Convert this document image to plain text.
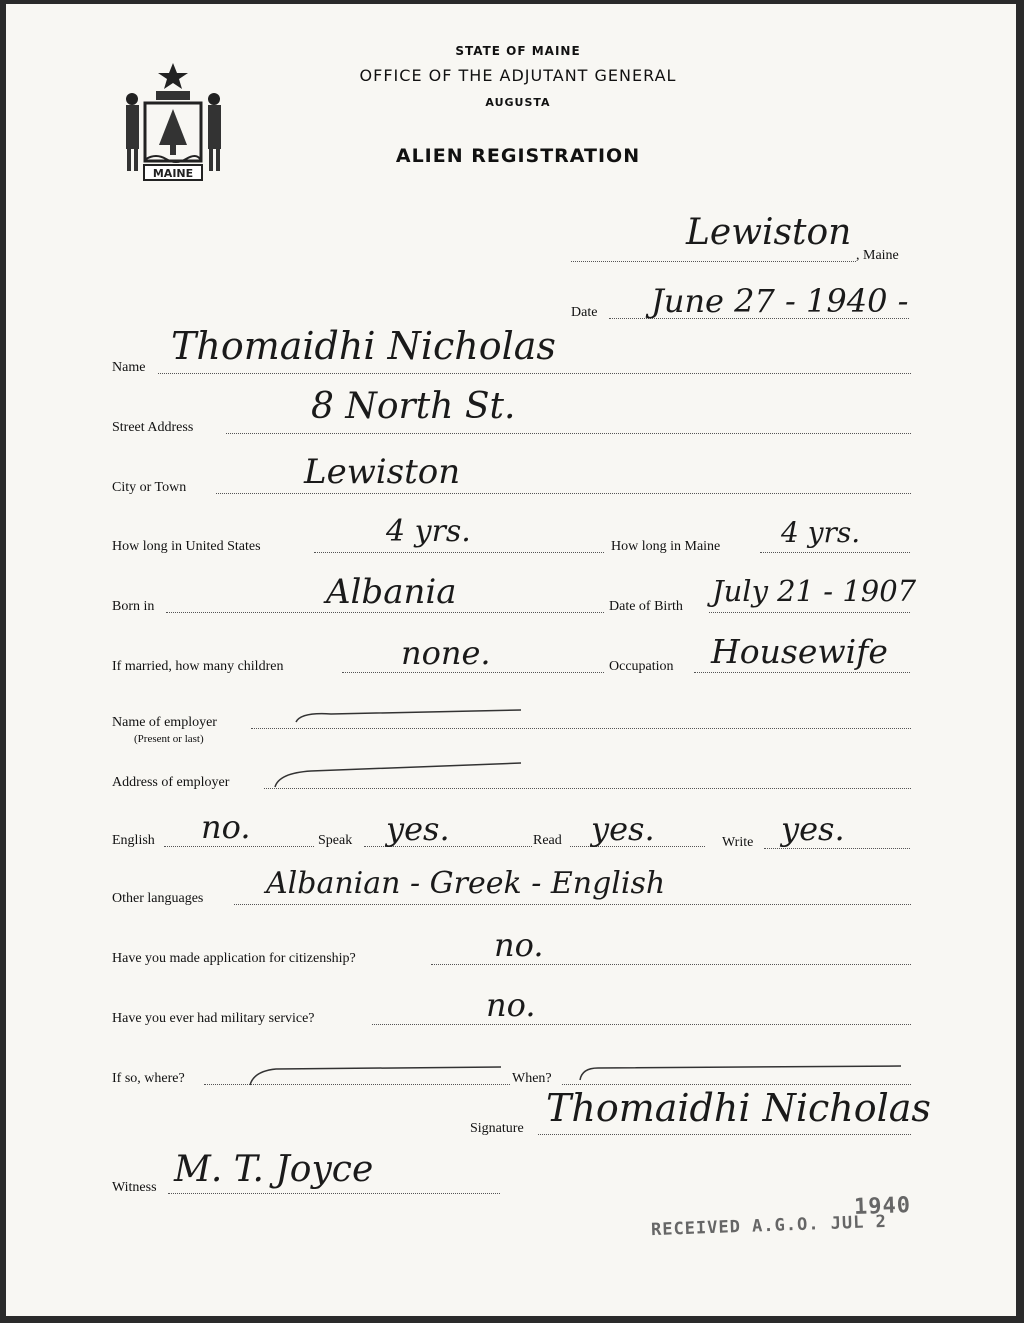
MAINE
STATE OF MAINE
OFFICE OF THE ADJUTANT GENERAL
AUGUSTA
ALIEN REGISTRATION
, Maine
Lewiston
Date June 27 - 1940 -
Name Thomaidhi Nicholas
Street Address
8 North St.
City or Town	Lewiston
How long in United States	4 yrs.	How long in Maine 4 yrs.
Born in	Albania	Date of Birth July 21 - 1907
If married, how many children	none.	Occupation Housewife
Name of employer
(Present or last)
Address of employer
English no.	Speak yes.	Read yes.	Write yes.
Other languages Albanian - Greek - English
Have you made application for citizenship?	no.
Have you ever had military service?	no.
If so, where?	When?
Signature Thomaidhi Nicholas
Witness M. T. Joyce
RECEIVED A.G.O. JUL 2
1940
